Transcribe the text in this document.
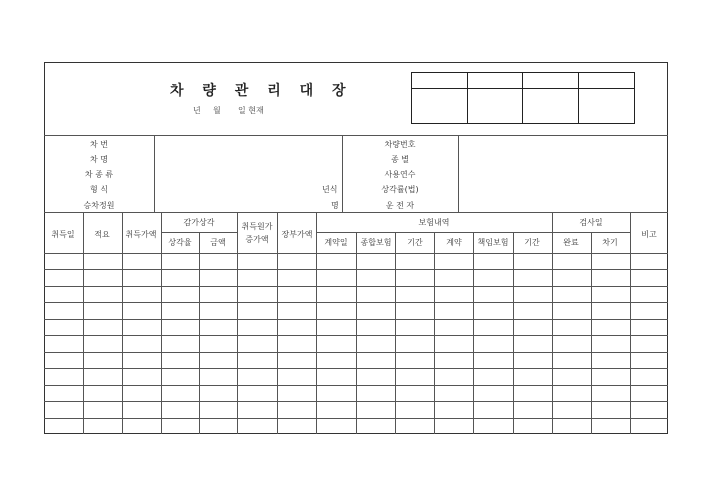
차 량 관 리 대 장
년 월 일 현재
차 번
차 명
차 종 류
형 식
승차정원
년식
명
차량번호
종 별
사용연수
상각률(법)
운 전 자
취득일 적요 취득가액
감가상각
상각율 금액
취득원가
증가액
장부가액
보험내역
계약일 종합보험 기간	계약 책임보험 기간
검사일
완료	차기
비고
